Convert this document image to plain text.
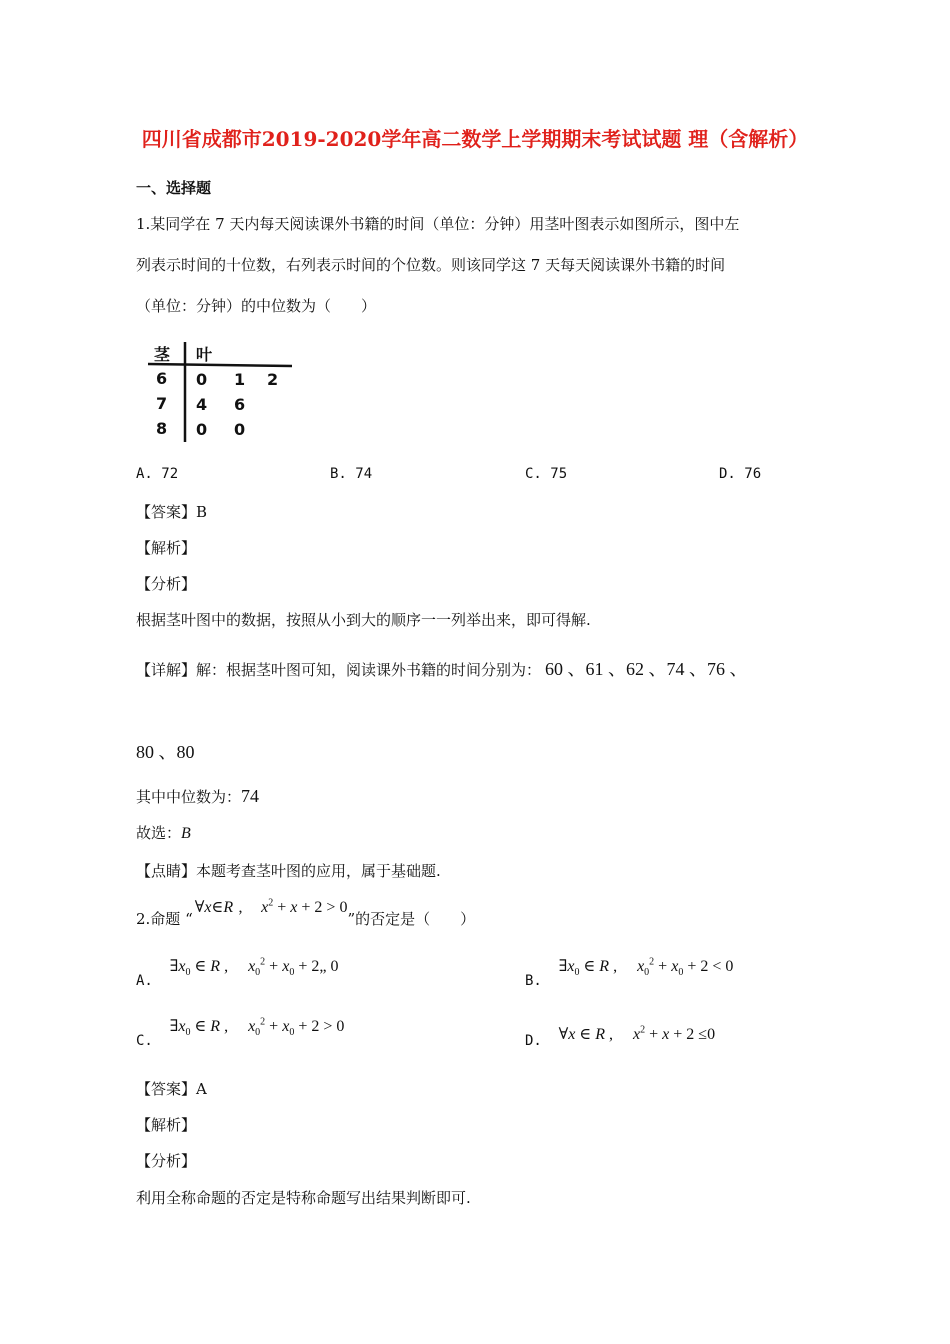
四川省成都市2019-2020学年高二数学上学期期末考试试题 理（含解析）
一、选择题
1.某同学在 7 天内每天阅读课外书籍的时间（单位：分钟）用茎叶图表示如图所示，图中左
列表示时间的十位数，右列表示时间的个位数。则该同学这 7 天每天阅读课外书籍的时间
（单位：分钟）的中位数为（　　）
茎 叶
6 0 1 2
7 4 6
8 0 0
A. 72	B. 74	C. 75	D. 76
【答案】B
【解析】
【分析】
根据茎叶图中的数据，按照从小到大的顺序一一列举出来，即可得解.
【详解】解：根据茎叶图可知，阅读课外书籍的时间分别为： 60 、61 、62 、74 、76 、
80 、80
其中中位数为：74
故选：B
【点睛】本题考查茎叶图的应用，属于基础题.
2.命题 “∀x∈R ,  $x^2 + x + 2 > 0$”的否定是（　　）
A. $\exists x_0$ ∈ R ,  $x_0^2 + x_0$ + 2„ 0
B. $\exists x_0$ ∈ R ,  $x_0^2 + x_0 + 2 < 0$
C. $\exists x_0$ ∈ R ,  $x_0^2 + x_0 + 2 > 0$
D. ∀x ∈ R ,  $x^2 + x + 2 \le 0$
【答案】A
【解析】
【分析】
利用全称命题的否定是特称命题写出结果判断即可.
